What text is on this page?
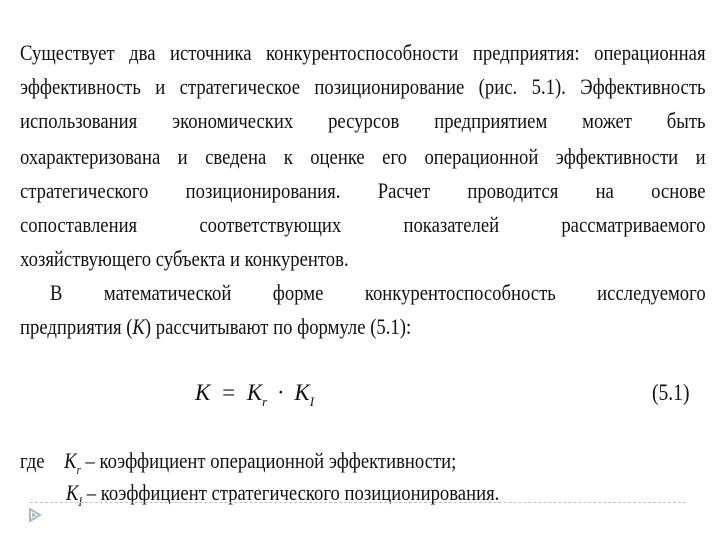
Существует два источника конкурентоспособности предприятия: операционная
эффективность и стратегическое позиционирование (рис. 5.1). Эффективность
использования экономических ресурсов предприятием может быть
охарактеризована и сведена к оценке его операционной эффективности и
стратегического позиционирования. Расчет проводится на основе
сопоставления	соответствующих	показателей	рассматриваемого
хозяйствующего субъекта и конкурентов.
В математической форме конкурентоспособность исследуемого
предприятия (K) рассчитывают по формуле (5.1):
$K = K_r \cdot K_I$	(5.1)
где $K_r$ – коэффициент операционной эффективности;
$K_I$ – коэффициент стратегического позиционирования.
